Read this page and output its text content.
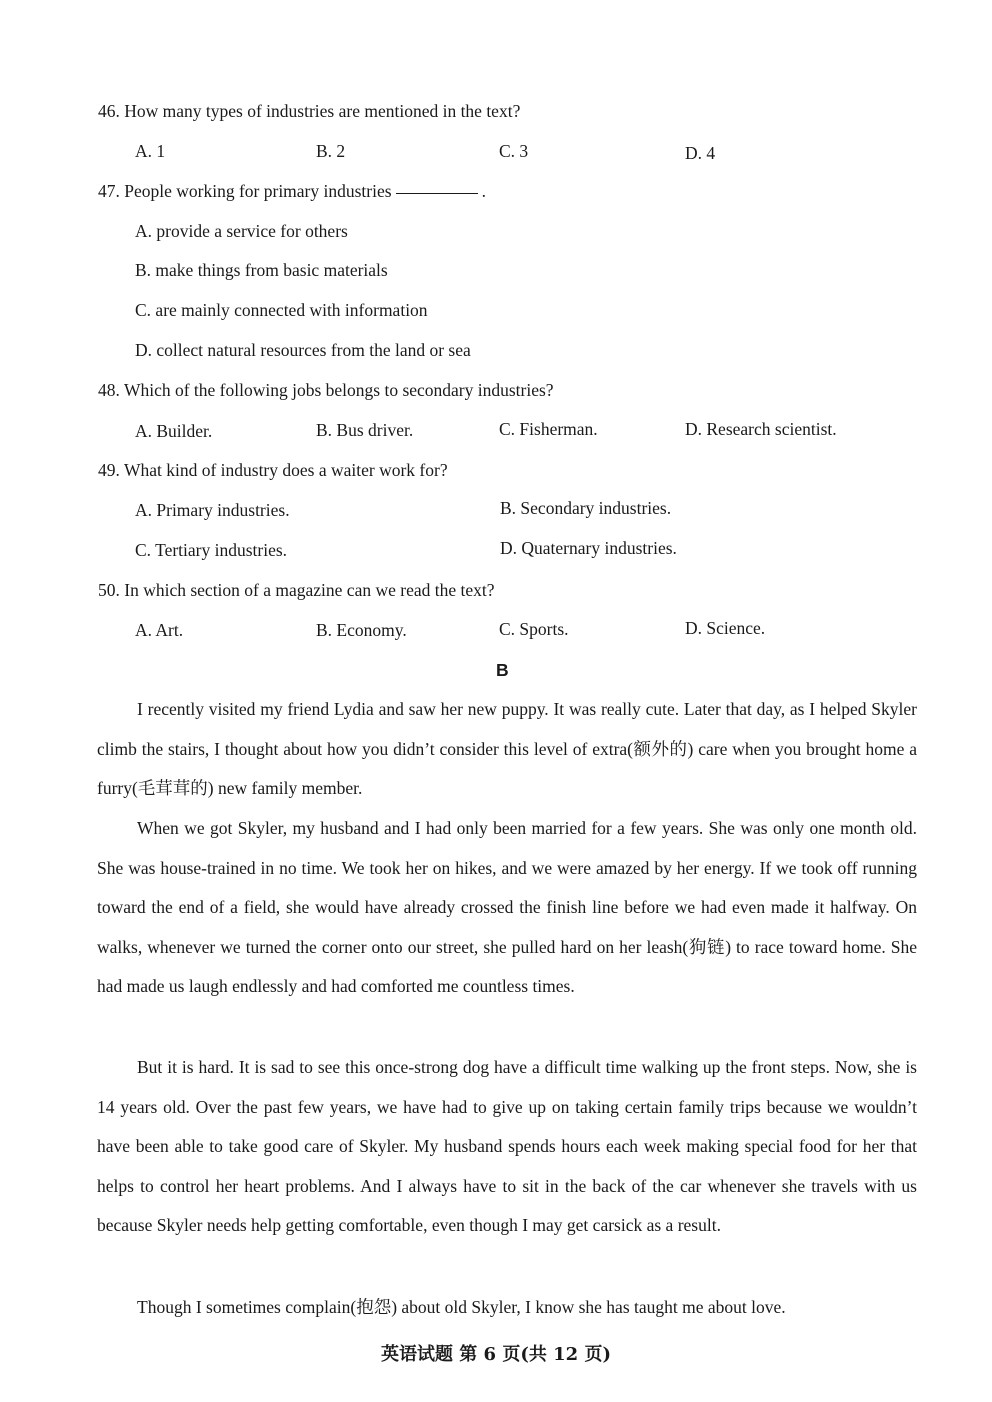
46. How many types of industries are mentioned in the text?
A. 1	B. 2	C. 3	D. 4
47. People working for primary industries	.
A. provide a service for others
B. make things from basic materials
C. are mainly connected with information
D. collect natural resources from the land or sea
48. Which of the following jobs belongs to secondary industries?
A. Builder.	B. Bus driver.	C. Fisherman.	D. Research scientist.
49. What kind of industry does a waiter work for?
A. Primary industries.	B. Secondary industries.
C. Tertiary industries.	D. Quaternary industries.
50. In which section of a magazine can we read the text?
A. Art.	B. Economy.	C. Sports.	D. Science.
B

I recently visited my friend Lydia and saw her new puppy. It was really cute. Later that day, as I helped Skyler climb the stairs, I thought about how you didn’t consider this level of extra(额外的) care when you brought home a furry(毛茸茸的) new family member.

When we got Skyler, my husband and I had only been married for a few years. She was only one month old. She was house-trained in no time. We took her on hikes, and we were amazed by her energy. If we took off running toward the end of a field, she would have already crossed the finish line before we had even made it halfway. On walks, whenever we turned the corner onto our street, she pulled hard on her leash(狗链) to race toward home. She had made us laugh endlessly and had comforted me countless times.

But it is hard. It is sad to see this once-strong dog have a difficult time walking up the front steps. Now, she is 14 years old. Over the past few years, we have had to give up on taking certain family trips because we wouldn’t have been able to take good care of Skyler. My husband spends hours each week making special food for her that helps to control her heart problems. And I always have to sit in the back of the car whenever she travels with us because Skyler needs help getting comfortable, even though I may get carsick as a result.

Though I sometimes complain(抱怨) about old Skyler, I know she has taught me about love.

英语试题 第 6 页(共 12 页)
